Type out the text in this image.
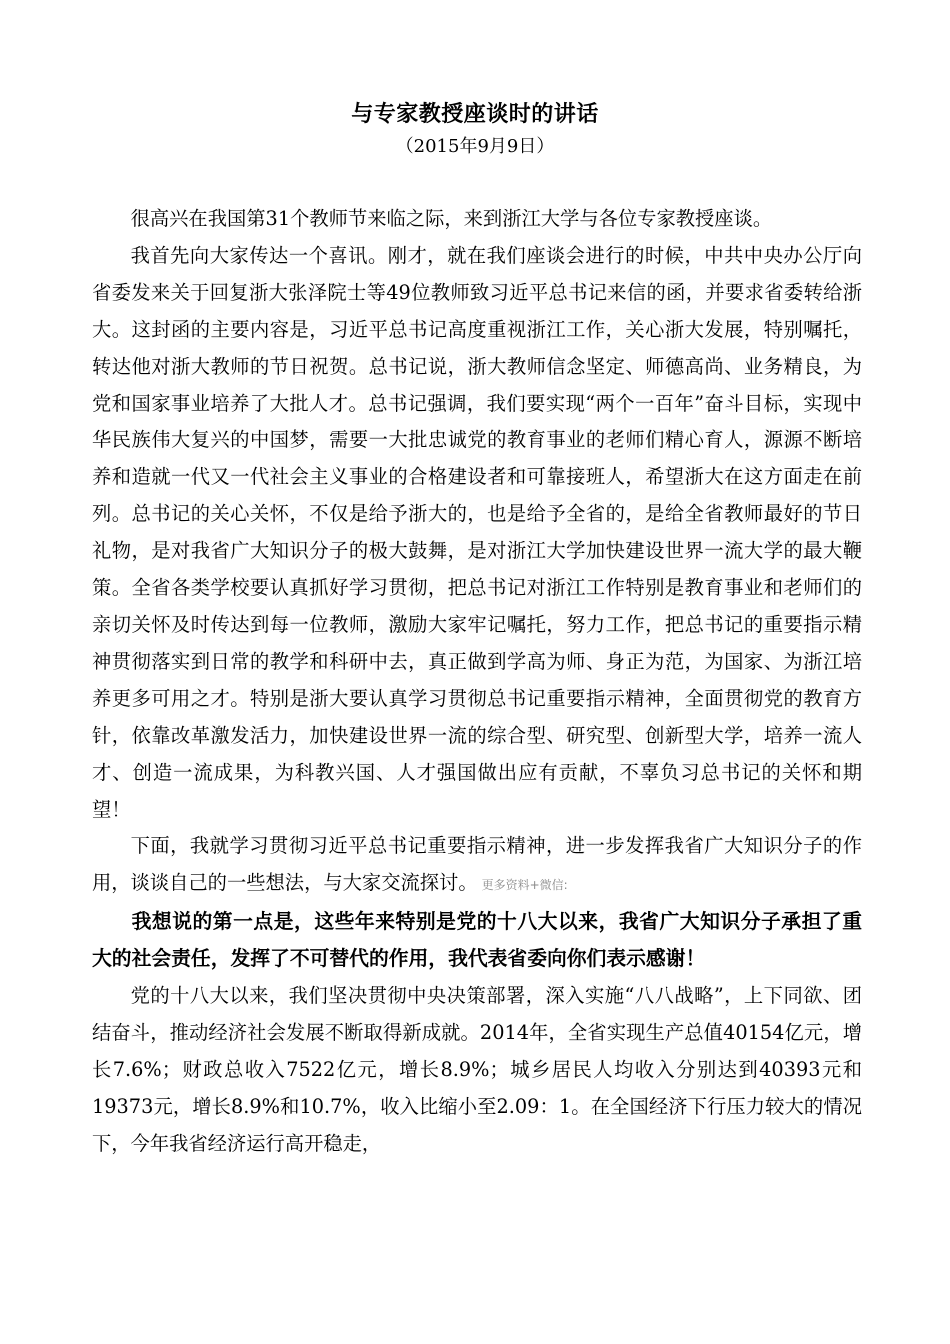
与专家教授座谈时的讲话
（2015年9月9日）

很高兴在我国第31个教师节来临之际，来到浙江大学与各位专家教授座谈。

我首先向大家传达一个喜讯。刚才，就在我们座谈会进行的时候，中共中央办公厅向省委发来关于回复浙大张泽院士等49位教师致习近平总书记来信的函，并要求省委转给浙大。这封函的主要内容是，习近平总书记高度重视浙江工作，关心浙大发展，特别嘱托，转达他对浙大教师的节日祝贺。总书记说，浙大教师信念坚定、师德高尚、业务精良，为党和国家事业培养了大批人才。总书记强调，我们要实现“两个一百年”奋斗目标，实现中华民族伟大复兴的中国梦，需要一大批忠诚党的教育事业的老师们精心育人，源源不断培养和造就一代又一代社会主义事业的合格建设者和可靠接班人，希望浙大在这方面走在前列。总书记的关心关怀，不仅是给予浙大的，也是给予全省的，是给全省教师最好的节日礼物，是对我省广大知识分子的极大鼓舞，是对浙江大学加快建设世界一流大学的最大鞭策。全省各类学校要认真抓好学习贯彻，把总书记对浙江工作特别是教育事业和老师们的亲切关怀及时传达到每一位教师，激励大家牢记嘱托，努力工作，把总书记的重要指示精神贯彻落实到日常的教学和科研中去，真正做到学高为师、身正为范，为国家、为浙江培养更多可用之才。特别是浙大要认真学习贯彻总书记重要指示精神，全面贯彻党的教育方针，依靠改革激发活力，加快建设世界一流的综合型、研究型、创新型大学，培养一流人才、创造一流成果，为科教兴国、人才强国做出应有贡献，不辜负习总书记的关怀和期望！

下面，我就学习贯彻习近平总书记重要指示精神，进一步发挥我省广大知识分子的作用，谈谈自己的一些想法，与大家交流探讨。 更多资料+微信:

我想说的第一点是，这些年来特别是党的十八大以来，我省广大知识分子承担了重大的社会责任，发挥了不可替代的作用，我代表省委向你们表示感谢！

党的十八大以来，我们坚决贯彻中央决策部署，深入实施“八八战略”，上下同欲、团结奋斗，推动经济社会发展不断取得新成就。2014年，全省实现生产总值40154亿元，增长7.6%；财政总收入7522亿元，增长8.9%；城乡居民人均收入分别达到40393元和19373元，增长8.9%和10.7%，收入比缩小至2.09：1。在全国经济下行压力较大的情况下，今年我省经济运行高开稳走，
